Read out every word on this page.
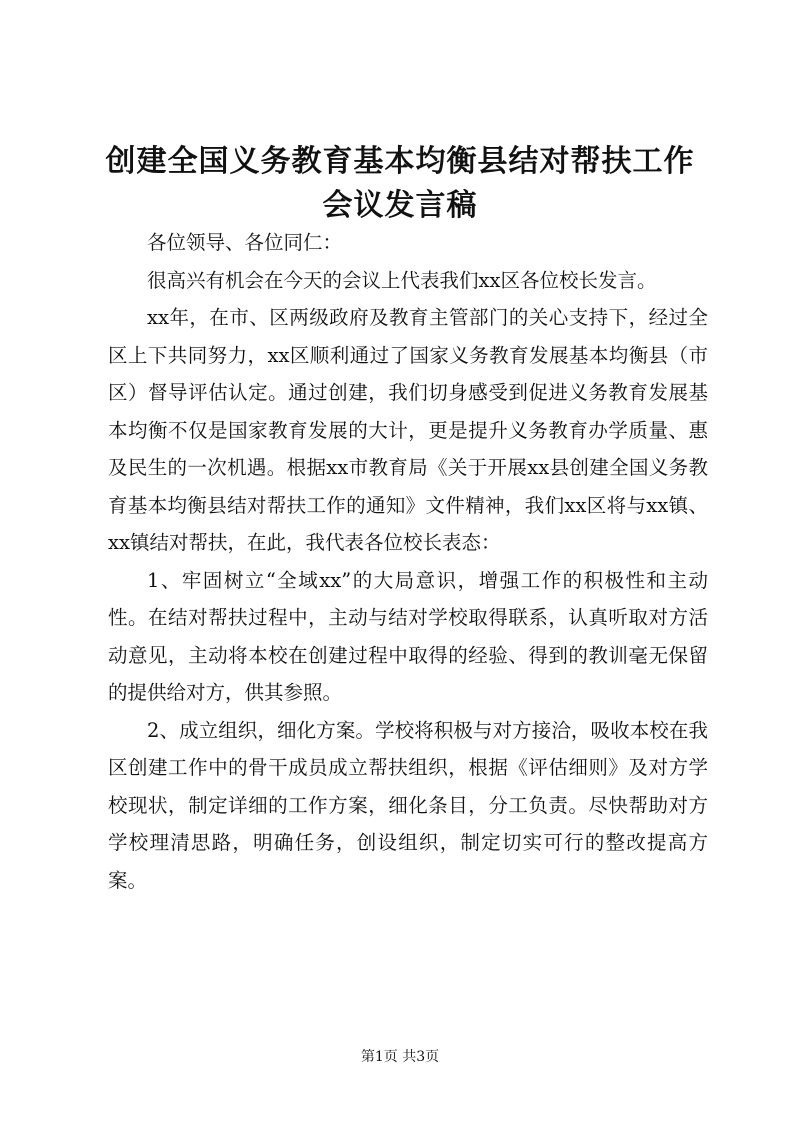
创建全国义务教育基本均衡县结对帮扶工作会议发言稿

各位领导、各位同仁：

很高兴有机会在今天的会议上代表我们xx区各位校长发言。

xx年，在市、区两级政府及教育主管部门的关心支持下，经过全区上下共同努力，xx区顺利通过了国家义务教育发展基本均衡县（市区）督导评估认定。通过创建，我们切身感受到促进义务教育发展基本均衡不仅是国家教育发展的大计，更是提升义务教育办学质量、惠及民生的一次机遇。根据xx市教育局《关于开展xx县创建全国义务教育基本均衡县结对帮扶工作的通知》文件精神，我们xx区将与xx镇、xx镇结对帮扶，在此，我代表各位校长表态：

1、牢固树立“全域xx”的大局意识，增强工作的积极性和主动性。在结对帮扶过程中，主动与结对学校取得联系，认真听取对方活动意见，主动将本校在创建过程中取得的经验、得到的教训毫无保留的提供给对方，供其参照。

2、成立组织，细化方案。学校将积极与对方接洽，吸收本校在我区创建工作中的骨干成员成立帮扶组织，根据《评估细则》及对方学校现状，制定详细的工作方案，细化条目，分工负责。尽快帮助对方学校理清思路，明确任务，创设组织，制定切实可行的整改提高方案。

第1页 共3页
